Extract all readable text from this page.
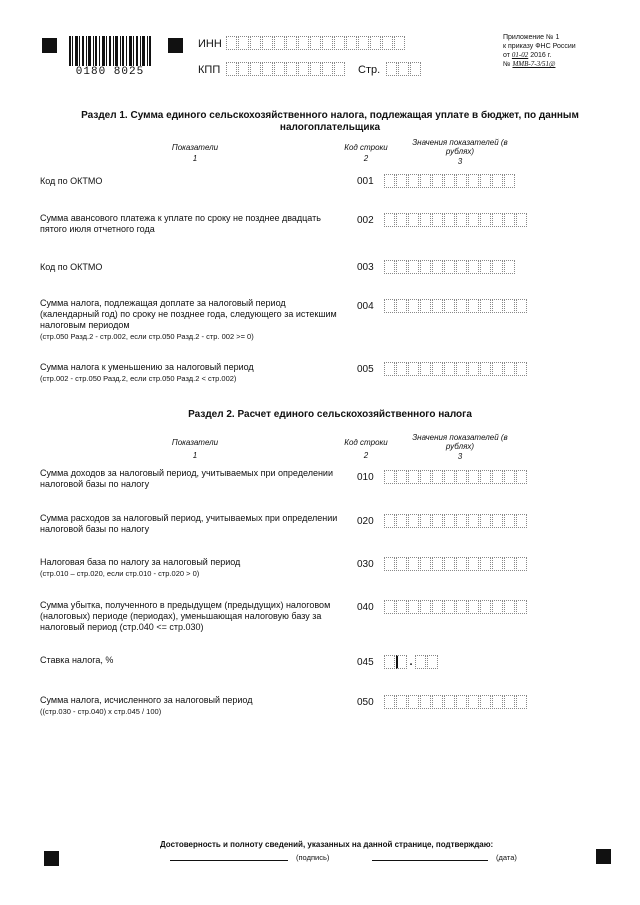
0180 8025
ИНН
КПП	Стр.
Приложение № 1
к приказу ФНС России
от 01-02 2016 г.
№ ММВ-7-3/51@
Раздел 1. Сумма единого сельскохозяйственного налога, подлежащая уплате в бюджет, по данным налогоплательщика
Показатели
1
Код строки
2
Значения показателей (в рублях)
3
Код по ОКТМО	001
Сумма авансового платежа к уплате по сроку не позднее двадцать пятого июля отчетного года
002
Код по ОКТМО	003
Сумма налога, подлежащая доплате за налоговый период (календарный год) по сроку не позднее года, следующего за истекшим налоговым периодом
(стр.050 Разд.2 - стр.002, если стр.050 Разд.2 - стр. 002 >= 0)
004
Сумма налога к уменьшению за налоговый период
(стр.002 - стр.050 Разд.2, если стр.050 Разд.2 < стр.002)
005
Раздел 2. Расчет единого сельскохозяйственного налога
Показатели
1
Код строки
2
Значения показателей (в рублях)
3
Сумма доходов за налоговый период, учитываемых при определении налоговой базы по налогу
010
Сумма расходов за налоговый период, учитываемых при определении налоговой базы по налогу
020
Налоговая база по налогу за налоговый период
(стр.010 – стр.020, если стр.010 - стр.020 > 0)
030
Сумма убытка, полученного в предыдущем (предыдущих) налоговом (налоговых) периоде (периодах), уменьшающая налоговую базу за налоговый период (стр.040 <= стр.030)
040
Ставка налога, %	045	.
Сумма налога, исчисленного за налоговый период
((стр.030 - стр.040) х стр.045 / 100)
050
Достоверность и полноту сведений, указанных на данной странице, подтверждаю:
(подпись)	(дата)
